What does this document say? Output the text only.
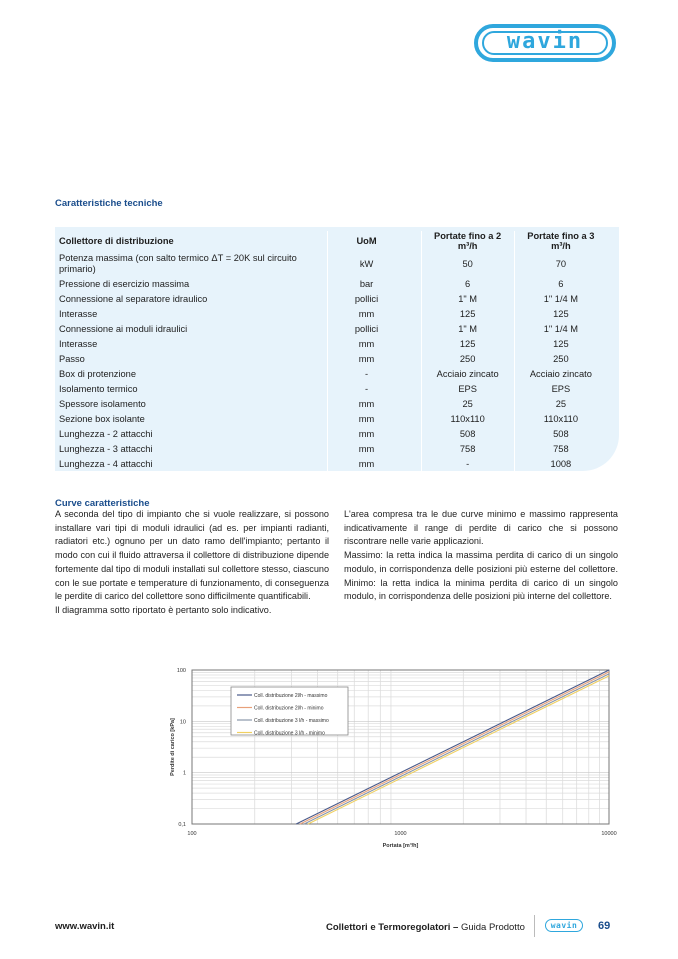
wavin
Caratteristiche tecniche
Collettore di distribuzione	UoM	Portate fino a 2 m³/h	Portate fino a 3 m³/h
Potenza massima (con salto termico ΔT = 20K sul circuito primario)	kW	50	70
Pressione di esercizio massima	bar	6	6
Connessione al separatore idraulico	pollici	1" M	1" 1/4 M
Interasse	mm	125	125
Connessione ai moduli idraulici	pollici	1" M	1" 1/4 M
Interasse	mm	125	125
Passo	mm	250	250
Box di protenzione	-	Acciaio zincato	Acciaio zincato
Isolamento termico	-	EPS	EPS
Spessore isolamento	mm	25	25
Sezione box isolante	mm	110x110	110x110
Lunghezza - 2 attacchi	mm	508	508
Lunghezza - 3 attacchi	mm	758	758
Lunghezza - 4 attacchi	mm	-	1008
Curve caratteristiche

A seconda del tipo di impianto che si vuole realizzare, si possono installare vari tipi di moduli idraulici (ad es. per impianti radianti, radiatori etc.) ognuno per un dato ramo dell'impianto; pertanto il modo con cui il fluido attraversa il collettore di distribuzione dipende fortemente dal tipo di moduli installati sul collettore stesso, ciascuno con le sue portate e temperature di funzionamento, di conseguenza le perdite di carico del collettore sono difficilmente quantificabili.

Il diagramma sotto riportato è pertanto solo indicativo.

L'area compresa tra le due curve minimo e massimo rappresenta indicativamente il range di perdite di carico che si possono riscontrare nelle varie applicazioni.

Massimo: la retta indica la massima perdita di carico di un singolo modulo, in corrispondenza delle posizioni più esterne del collettore. Minimo: la retta indica la minima perdita di carico di un singolo modulo, in corrispondenza delle posizioni più interne del collettore.

0,1
1
10
100
100	1000	10000
Portata [m³/h]
Perdite di carico [kPa]
Coll. distribuzione 2l/h - massimo
Coll. distribuzione 2l/h - minimo
Coll. distribuzione 3 l/h - massimo
Coll. distribuzione 3 l/h - minimo
www.wavin.it	Collettori e Termoregolatori – Guida Prodotto	wavin 69
